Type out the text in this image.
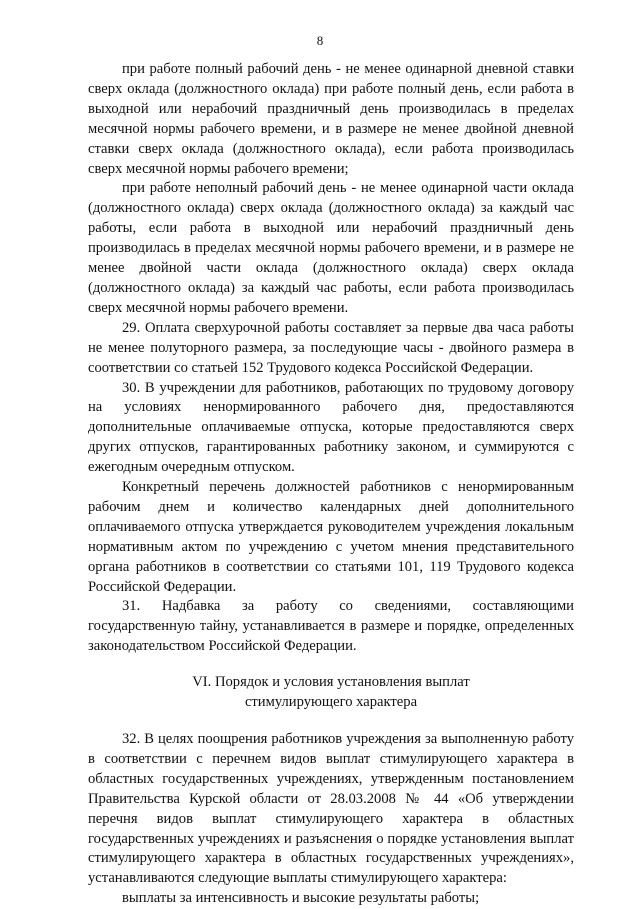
8

при работе полный рабочий день - не менее одинарной дневной ставки сверх оклада (должностного оклада) при работе полный день, если работа в выходной или нерабочий праздничный день производилась в пределах месячной нормы рабочего времени, и в размере не менее двойной дневной ставки сверх оклада (должностного оклада), если работа производилась сверх месячной нормы рабочего времени;

при работе неполный рабочий день - не менее одинарной части оклада (должностного оклада) сверх оклада (должностного оклада) за каждый час работы, если работа в выходной или нерабочий праздничный день производилась в пределах месячной нормы рабочего времени, и в размере не менее двойной части оклада (должностного оклада) сверх оклада (должностного оклада) за каждый час работы, если работа производилась сверх месячной нормы рабочего времени.

29. Оплата сверхурочной работы составляет за первые два часа работы не менее полуторного размера, за последующие часы - двойного размера в соответствии со статьей 152 Трудового кодекса Российской Федерации.

30. В учреждении для работников, работающих по трудовому договору на условиях ненормированного рабочего дня, предоставляются дополнительные оплачиваемые отпуска, которые предоставляются сверх других отпусков, гарантированных работнику законом, и суммируются с ежегодным очередным отпуском.

Конкретный перечень должностей работников с ненормированным рабочим днем и количество календарных дней дополнительного оплачиваемого отпуска утверждается руководителем учреждения локальным нормативным актом по учреждению с учетом мнения представительного органа работников в соответствии со статьями 101, 119 Трудового кодекса Российской Федерации.

31. Надбавка за работу со сведениями, составляющими государственную тайну, устанавливается в размере и порядке, определенных законодательством Российской Федерации.

VI. Порядок и условия установления выплат
стимулирующего характера

32. В целях поощрения работников учреждения за выполненную работу в соответствии с перечнем видов выплат стимулирующего характера в областных государственных учреждениях, утвержденным постановлением Правительства Курской области от 28.03.2008 № 44 «Об утверждении перечня видов выплат стимулирующего характера в областных государственных учреждениях и разъяснения о порядке установления выплат стимулирующего характера в областных государственных учреждениях», устанавливаются следующие выплаты стимулирующего характера:

выплаты за интенсивность и высокие результаты работы;
